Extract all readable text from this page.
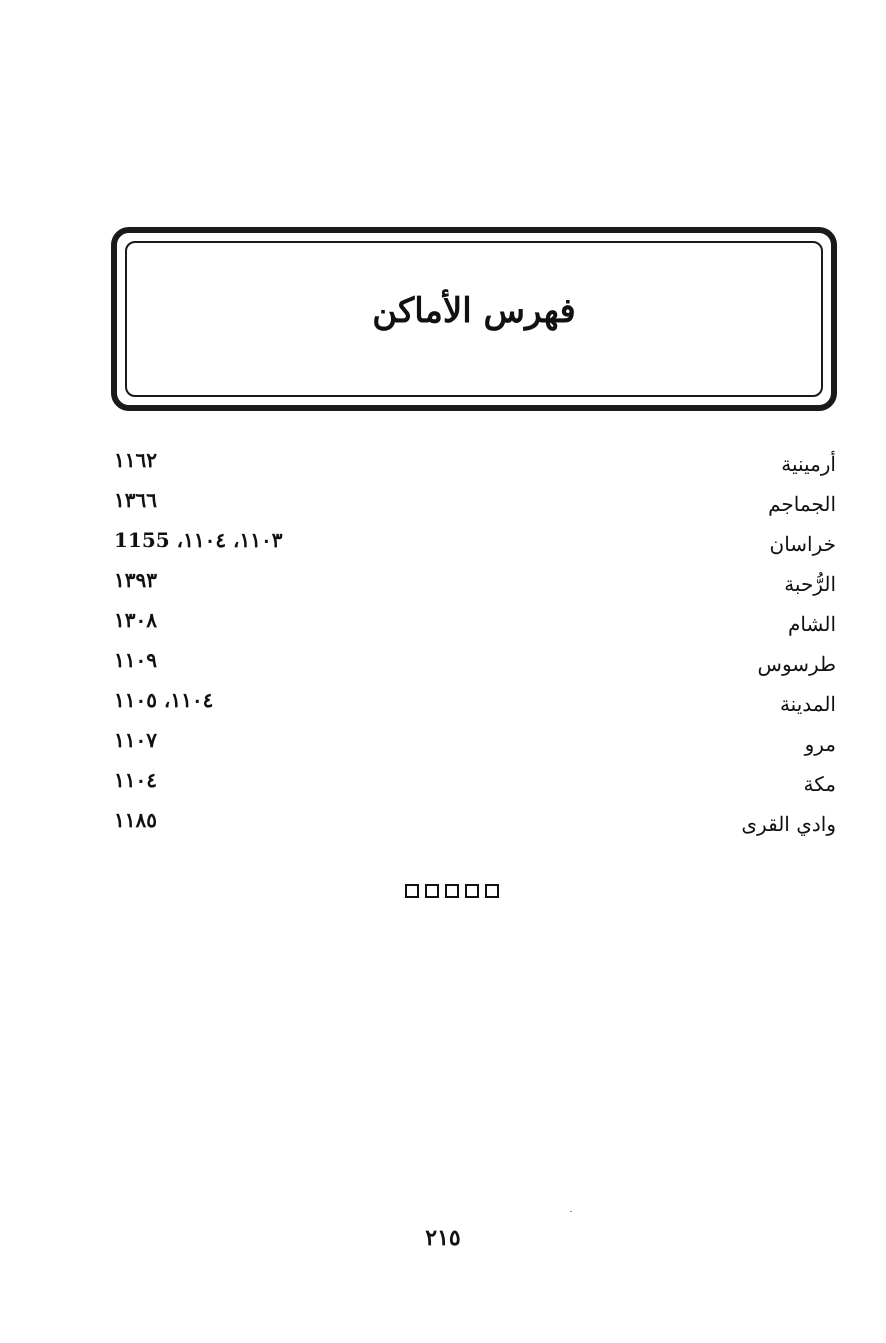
فهرس الأماكن
أرمينية
١١٦٢
الجماجم
١٣٦٦
خراسان
١١٠٣، ١١٠٤، 1155
الرُّحبة
١٣٩٣
الشام
١٣٠٨
طرسوس
١١٠٩
المدينة
١١٠٤، ١١٠٥
مرو
١١٠٧
مكة
١١٠٤
وادي القرى
١١٨٥
٢١٥
